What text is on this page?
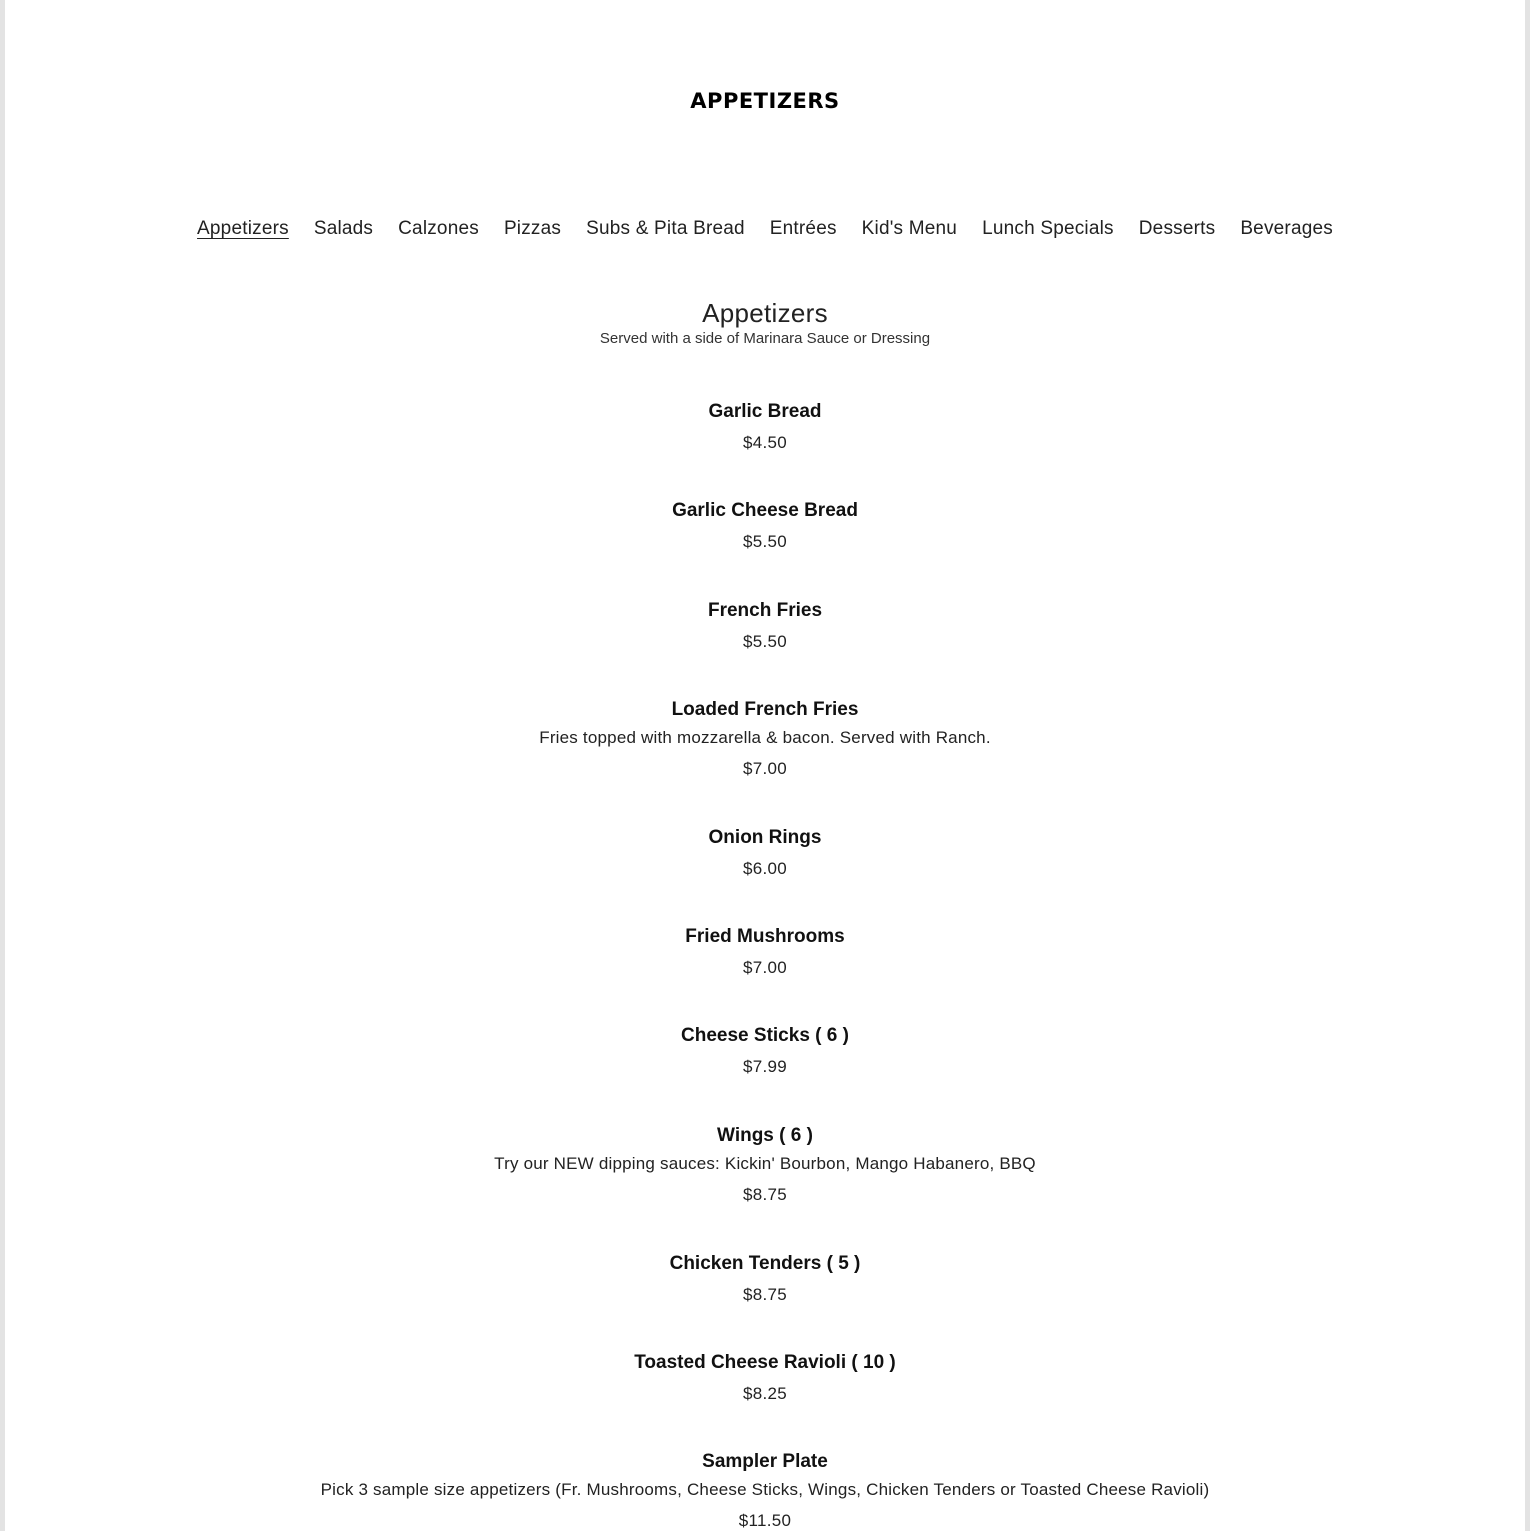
APPETIZERS
Appetizers Salads Calzones Pizzas Subs & Pita Bread Entrées Kid's Menu Lunch Specials Desserts Beverages
Appetizers
Served with a side of Marinara Sauce or Dressing
Garlic Bread
$4.50
Garlic Cheese Bread
$5.50
French Fries
$5.50
Loaded French Fries
Fries topped with mozzarella & bacon. Served with Ranch.
$7.00
Onion Rings
$6.00
Fried Mushrooms
$7.00
Cheese Sticks ( 6 )
$7.99
Wings ( 6 )
Try our NEW dipping sauces: Kickin' Bourbon, Mango Habanero, BBQ
$8.75
Chicken Tenders ( 5 )
$8.75
Toasted Cheese Ravioli ( 10 )
$8.25
Sampler Plate
Pick 3 sample size appetizers (Fr. Mushrooms, Cheese Sticks, Wings, Chicken Tenders or Toasted Cheese Ravioli)
$11.50
